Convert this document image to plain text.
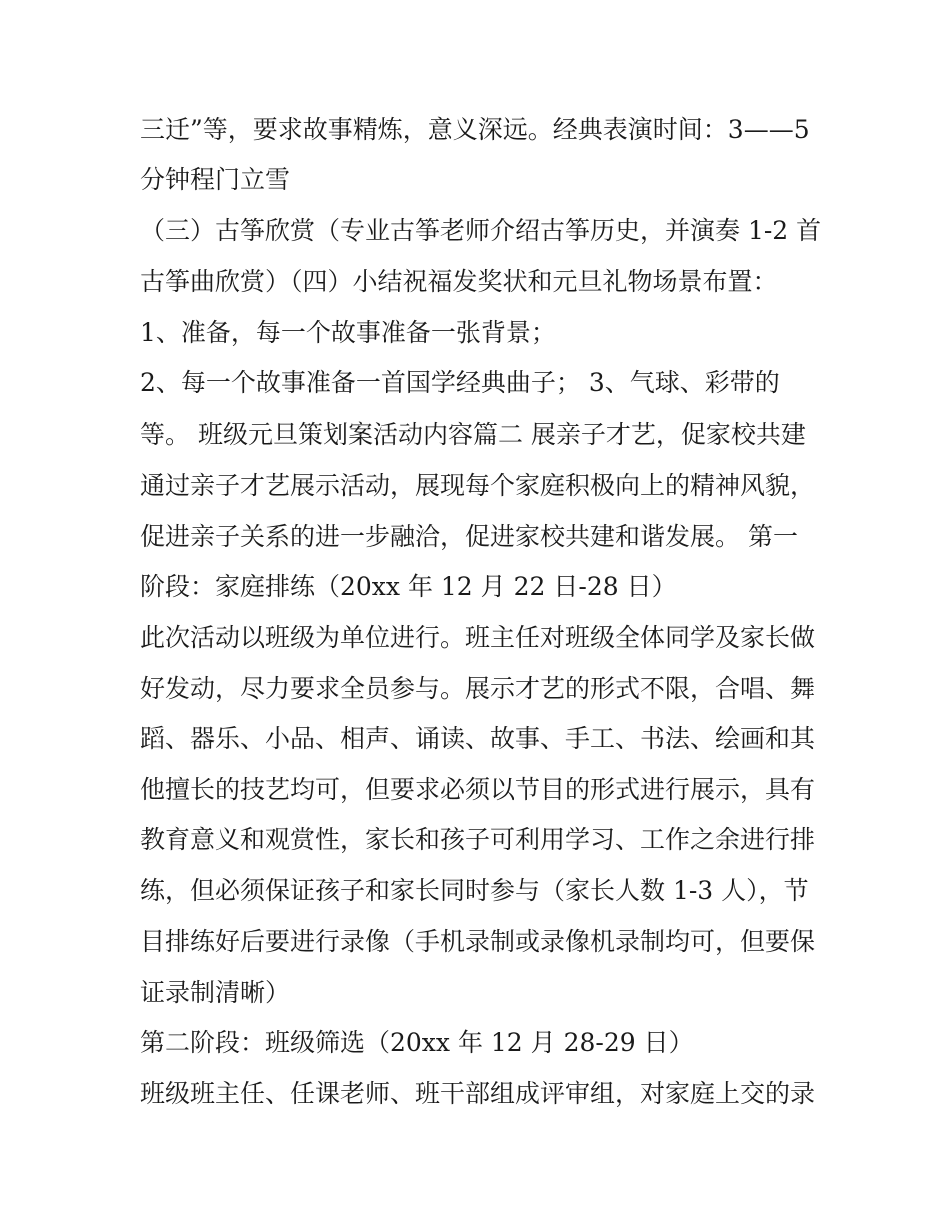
三迁”等，要求故事精炼，意义深远。经典表演时间：3——5

分钟程门立雪

（三）古筝欣赏（专业古筝老师介绍古筝历史，并演奏 1-2 首

古筝曲欣赏）（四）小结祝福发奖状和元旦礼物场景布置：

1、准备，每一个故事准备一张背景；

2、每一个故事准备一首国学经典曲子； 3、气球、彩带的

等。 班级元旦策划案活动内容篇二 展亲子才艺，促家校共建

通过亲子才艺展示活动，展现每个家庭积极向上的精神风貌，

促进亲子关系的进一步融洽，促进家校共建和谐发展。 第一

阶段：家庭排练（20xx 年 12 月 22 日-28 日）

此次活动以班级为单位进行。班主任对班级全体同学及家长做

好发动，尽力要求全员参与。展示才艺的形式不限，合唱、舞

蹈、器乐、小品、相声、诵读、故事、手工、书法、绘画和其

他擅长的技艺均可，但要求必须以节目的形式进行展示，具有

教育意义和观赏性，家长和孩子可利用学习、工作之余进行排

练，但必须保证孩子和家长同时参与（家长人数 1-3 人），节

目排练好后要进行录像（手机录制或录像机录制均可，但要保

证录制清晰）

第二阶段：班级筛选（20xx 年 12 月 28-29 日）

班级班主任、任课老师、班干部组成评审组，对家庭上交的录
